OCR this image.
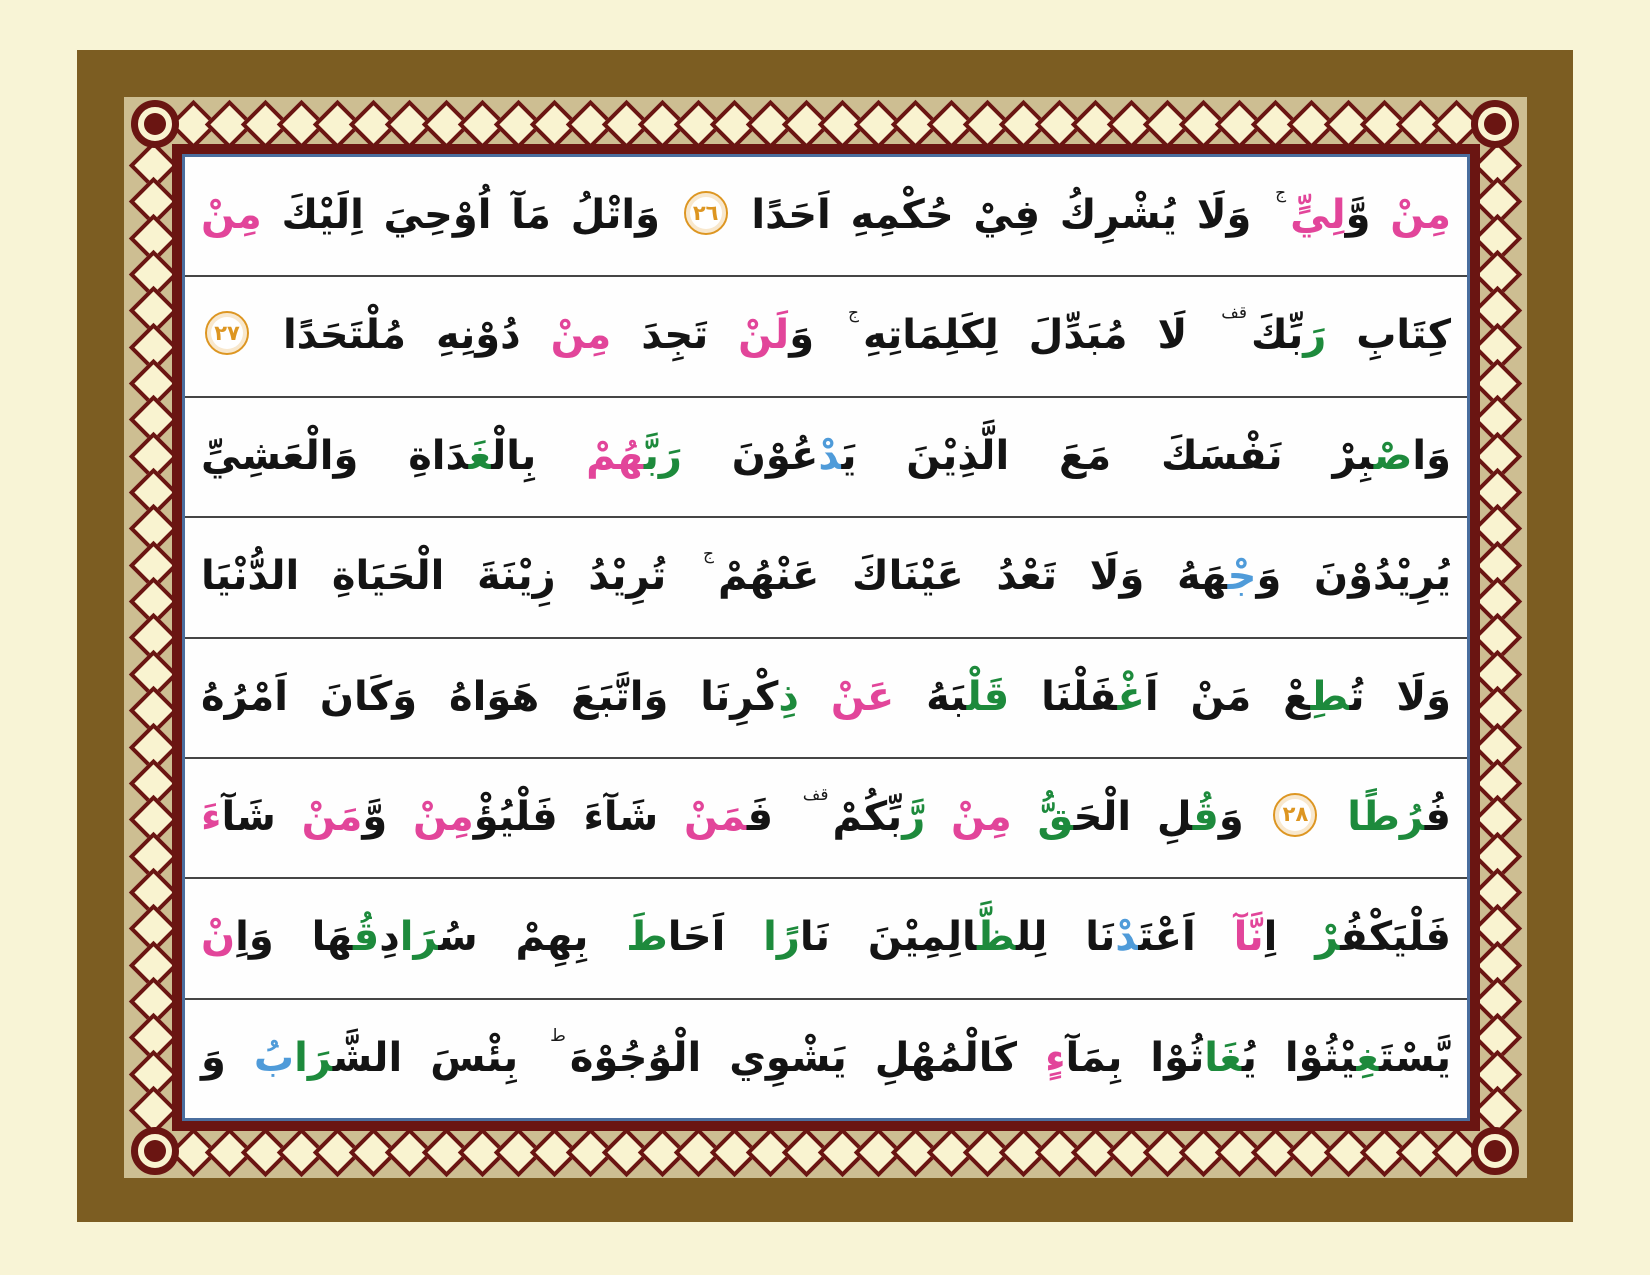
مِنْ وَّلِيٍّج وَلَا يُشْرِكُ فِيْ حُكْمِهِ اَحَدًا ٢٦ وَاتْلُ مَآ اُوْحِيَ اِلَيْكَ مِنْ
كِتَابِ رَبِّكَقف لَا مُبَدِّلَ لِكَلِمَاتِهِج وَلَنْ تَجِدَ مِنْ دُوْنِهِ مُلْتَحَدًا ٢٧
وَاصْبِرْ نَفْسَكَ مَعَ الَّذِيْنَ يَدْعُوْنَ رَبَّهُمْ بِالْغَدَاةِ وَالْعَشِيِّ
يُرِيْدُوْنَ وَجْهَهُ وَلَا تَعْدُ عَيْنَاكَ عَنْهُمْج تُرِيْدُ زِيْنَةَ الْحَيَاةِ الدُّنْيَا
وَلَا تُطِعْ مَنْ اَغْفَلْنَا قَلْبَهُ عَنْ ذِكْرِنَا وَاتَّبَعَ هَوَاهُ وَكَانَ اَمْرُهُ
فُرُطًا ٢٨ وَقُلِ الْحَقُّ مِنْ رَّبِّكُمْقف فَمَنْ شَآءَ فَلْيُؤْمِنْ وَّمَنْ شَآءَ
فَلْيَكْفُرْ اِنَّآ اَعْتَدْنَا لِلظَّالِمِيْنَ نَارًا اَحَاطَ بِهِمْ سُرَادِقُهَا وَاِنْ
يَّسْتَغِيْثُوْا يُغَاثُوْا بِمَآءٍ كَالْمُهْلِ يَشْوِي الْوُجُوْهَط بِئْسَ الشَّرَابُ وَ
